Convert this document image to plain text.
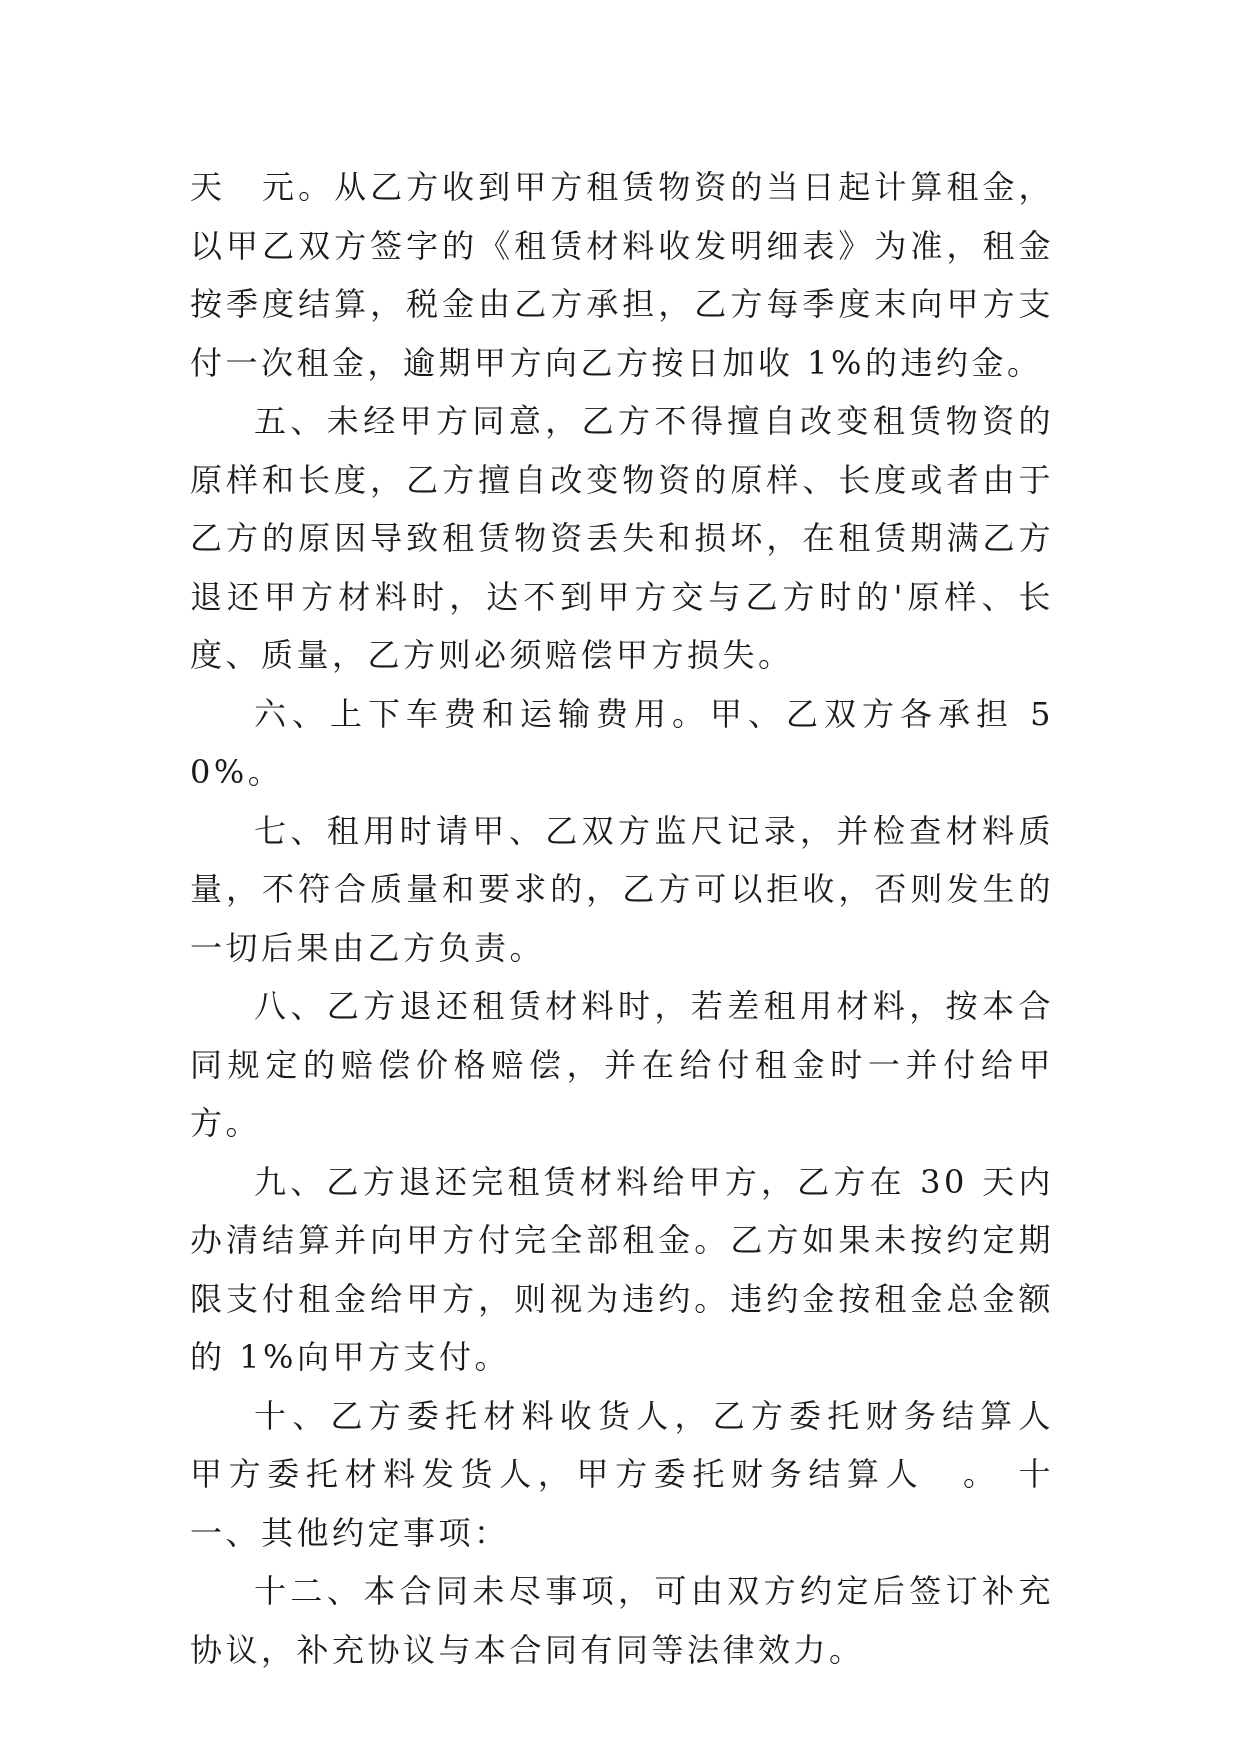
天　元。从乙方收到甲方租赁物资的当日起计算租金，以甲乙双方签字的《租赁材料收发明细表》为准，租金按季度结算，税金由乙方承担，乙方每季度末向甲方支付一次租金，逾期甲方向乙方按日加收 1%的违约金。

五、未经甲方同意，乙方不得擅自改变租赁物资的原样和长度，乙方擅自改变物资的原样、长度或者由于乙方的原因导致租赁物资丢失和损坏，在租赁期满乙方退还甲方材料时，达不到甲方交与乙方时的'原样、长度、质量，乙方则必须赔偿甲方损失。

六、上下车费和运输费用。甲、乙双方各承担 50%。

七、租用时请甲、乙双方监尺记录，并检查材料质量，不符合质量和要求的，乙方可以拒收，否则发生的一切后果由乙方负责。

八、乙方退还租赁材料时，若差租用材料，按本合同规定的赔偿价格赔偿，并在给付租金时一并付给甲方。

九、乙方退还完租赁材料给甲方，乙方在 30 天内办清结算并向甲方付完全部租金。乙方如果未按约定期限支付租金给甲方，则视为违约。违约金按租金总金额的 1%向甲方支付。

十、乙方委托材料收货人，乙方委托财务结算人　甲方委托材料发货人，甲方委托财务结算人　。 十一、其他约定事项：

十二、本合同未尽事项，可由双方约定后签订补充协议，补充协议与本合同有同等法律效力。
